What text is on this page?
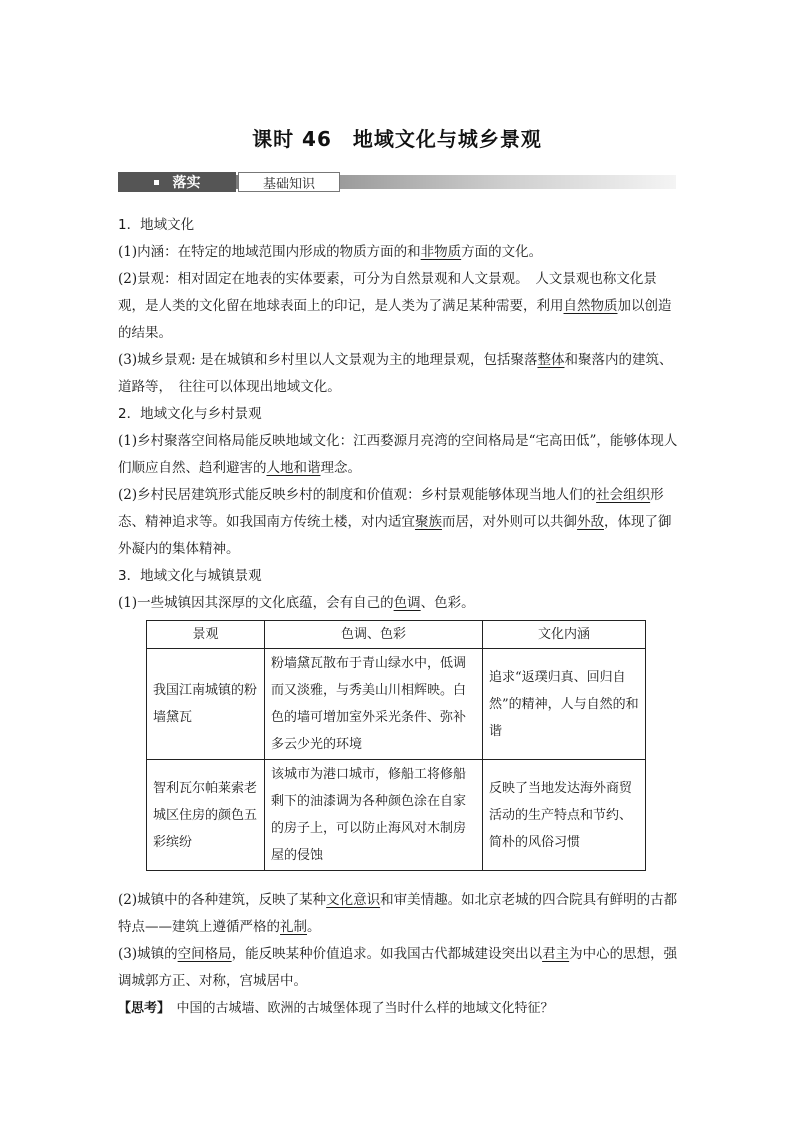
课时 46　地域文化与城乡景观
落实	基础知识

1．地域文化

(1)内涵：在特定的地域范围内形成的物质方面的和非物质方面的文化。

(2)景观：相对固定在地表的实体要素，可分为自然景观和人文景观。　人文景观也称文化景观，是人类的文化留在地球表面上的印记，是人类为了满足某种需要，利用自然物质加以创造的结果。

(3)城乡景观: 是在城镇和乡村里以人文景观为主的地理景观，包括聚落整体和聚落内的建筑、道路等，　往往可以体现出地域文化。

2．地域文化与乡村景观

(1)乡村聚落空间格局能反映地域文化：江西婺源月亮湾的空间格局是“宅高田低”，能够体现人们顺应自然、趋利避害的人地和谐理念。

(2)乡村民居建筑形式能反映乡村的制度和价值观：乡村景观能够体现当地人们的社会组织形态、精神追求等。如我国南方传统土楼，对内适宜聚族而居，对外则可以共御外敌，体现了御外凝内的集体精神。

3．地域文化与城镇景观

(1)一些城镇因其深厚的文化底蕴，会有自己的色调、色彩。

景观	色调、色彩	文化内涵
我国江南城镇的粉墙黛瓦	粉墙黛瓦散布于青山绿水中，低调而又淡雅，与秀美山川相辉映。白色的墙可增加室外采光条件、弥补多云少光的环境	追求“返璞归真、回归自然”的精神，人与自然的和谐
智利瓦尔帕莱索老城区住房的颜色五彩缤纷	该城市为港口城市，修船工将修船剩下的油漆调为各种颜色涂在自家的房子上，可以防止海风对木制房屋的侵蚀	反映了当地发达海外商贸活动的生产特点和节约、简朴的风俗习惯

(2)城镇中的各种建筑，反映了某种文化意识和审美情趣。如北京老城的四合院具有鲜明的古都特点——建筑上遵循严格的礼制。

(3)城镇的空间格局，能反映某种价值追求。如我国古代都城建设突出以君主为中心的思想，强调城郭方正、对称，宫城居中。

【思考】　中国的古城墙、欧洲的古城堡体现了当时什么样的地域文化特征？
